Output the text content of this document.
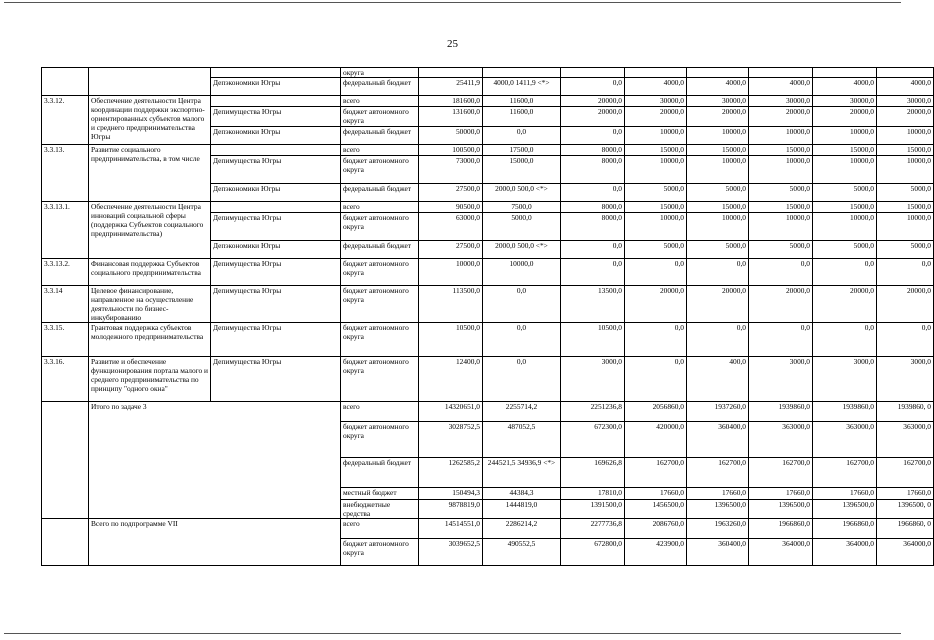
25
			округа								
		Депэкономики Югры	федеральный бюджет	25411,9	4000,0 1411,9 <*>	0,0	4000,0	4000,0	4000,0	4000,0	4000,0
3.3.12.	Обеспечение деятельности Центра координации поддержки экспортно-ориентированных субъектов малого и среднего предпринимательства Югры		всего	181600,0	11600,0	20000,0	30000,0	30000,0	30000,0	30000,0	30000,0
		Депимущества Югры	бюджет автономного округа	131600,0	11600,0	20000,0	20000,0	20000,0	20000,0	20000,0	20000,0
		Депэкономики Югры	федеральный бюджет	50000,0	0,0	0,0	10000,0	10000,0	10000,0	10000,0	10000,0
3.3.13.	Развитие социального предпринимательства, в том числе		всего	100500,0	17500,0	8000,0	15000,0	15000,0	15000,0	15000,0	15000,0
		Депимущества Югры	бюджет автономного округа	73000,0	15000,0	8000,0	10000,0	10000,0	10000,0	10000,0	10000,0
		Депэкономики Югры	федеральный бюджет	27500,0	2000,0 500,0 <*>	0,0	5000,0	5000,0	5000,0	5000,0	5000,0
3.3.13.1.	Обеспечение деятельности Центра инноваций социальной сферы (поддержка Субъектов социального предпринимательства)		всего	90500,0	7500,0	8000,0	15000,0	15000,0	15000,0	15000,0	15000,0
		Депимущества Югры	бюджет автономного округа	63000,0	5000,0	8000,0	10000,0	10000,0	10000,0	10000,0	10000,0
		Депэкономики Югры	федеральный бюджет	27500,0	2000,0 500,0 <*>	0,0	5000,0	5000,0	5000,0	5000,0	5000,0
3.3.13.2.	Финансовая поддержка Субъектов социального предпринимательства	Депимущества Югры	бюджет автономного округа	10000,0	10000,0	0,0	0,0	0,0	0,0	0,0	0,0
3.3.14	Целевое финансирование, направленное на осуществление деятельности по бизнес-инкубированию	Депимущества Югры	бюджет автономного округа	113500,0	0,0	13500,0	20000,0	20000,0	20000,0	20000,0	20000,0
3.3.15.	Грантовая поддержка субъектов молодежного предпринимательства	Депимущества Югры	бюджет автономного округа	10500,0	0,0	10500,0	0,0	0,0	0,0	0,0	0,0
3.3.16.	Развитие и обеспечение функционирования портала малого и среднего предпринимательства по принципу "одного окна"	Депимущества Югры	бюджет автономного округа	12400,0	0,0	3000,0	0,0	400,0	3000,0	3000,0	3000,0
	Итого по задаче 3		всего	14320651,0	2255714,2	2251236,8	2056860,0	1937260,0	1939860,0	1939860,0	1939860, 0
			бюджет автономного округа	3028752,5	487052,5	672300,0	420000,0	360400,0	363000,0	363000,0	363000,0
			федеральный бюджет	1262585,2	244521,5 34936,9 <*>	169626,8	162700,0	162700,0	162700,0	162700,0	162700,0
			местный бюджет	150494,3	44384,3	17810,0	17660,0	17660,0	17660,0	17660,0	17660,0
			внебюджетные средства	9878819,0	1444819,0	1391500,0	1456500,0	1396500,0	1396500,0	1396500,0	1396500, 0
	Всего по подпрограмме VII		всего	14514551,0	2286214,2	2277736,8	2086760,0	1963260,0	1966860,0	1966860,0	1966860, 0
			бюджет автономного округа	3039652,5	490552,5	672800,0	423900,0	360400,0	364000,0	364000,0	364000,0
